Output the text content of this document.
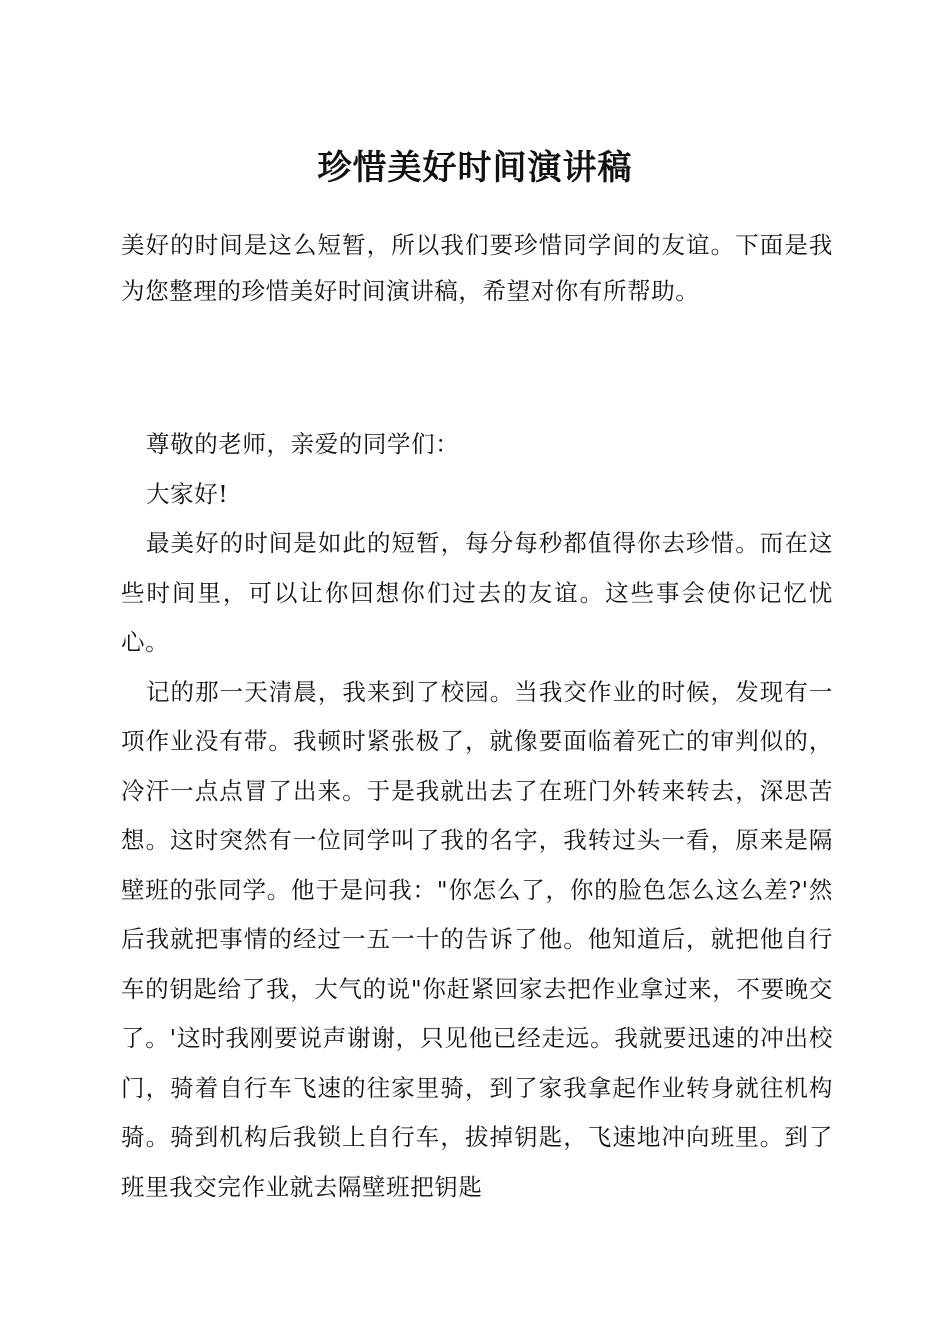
珍惜美好时间演讲稿

美好的时间是这么短暂，所以我们要珍惜同学间的友谊。下面是我为您整理的珍惜美好时间演讲稿，希望对你有所帮助。

尊敬的老师，亲爱的同学们：

大家好!

最美好的时间是如此的短暂，每分每秒都值得你去珍惜。而在这些时间里，可以让你回想你们过去的友谊。这些事会使你记忆忧心。

记的那一天清晨，我来到了校园。当我交作业的时候，发现有一项作业没有带。我顿时紧张极了，就像要面临着死亡的审判似的，冷汗一点点冒了出来。于是我就出去了在班门外转来转去，深思苦想。这时突然有一位同学叫了我的名字，我转过头一看，原来是隔壁班的张同学。他于是问我："你怎么了，你的脸色怎么这么差?'然后我就把事情的经过一五一十的告诉了他。他知道后，就把他自行车的钥匙给了我，大气的说"你赶紧回家去把作业拿过来，不要晚交了。'这时我刚要说声谢谢，只见他已经走远。我就要迅速的冲出校门，骑着自行车飞速的往家里骑，到了家我拿起作业转身就往机构骑。骑到机构后我锁上自行车，拔掉钥匙，飞速地冲向班里。到了班里我交完作业就去隔壁班把钥匙
